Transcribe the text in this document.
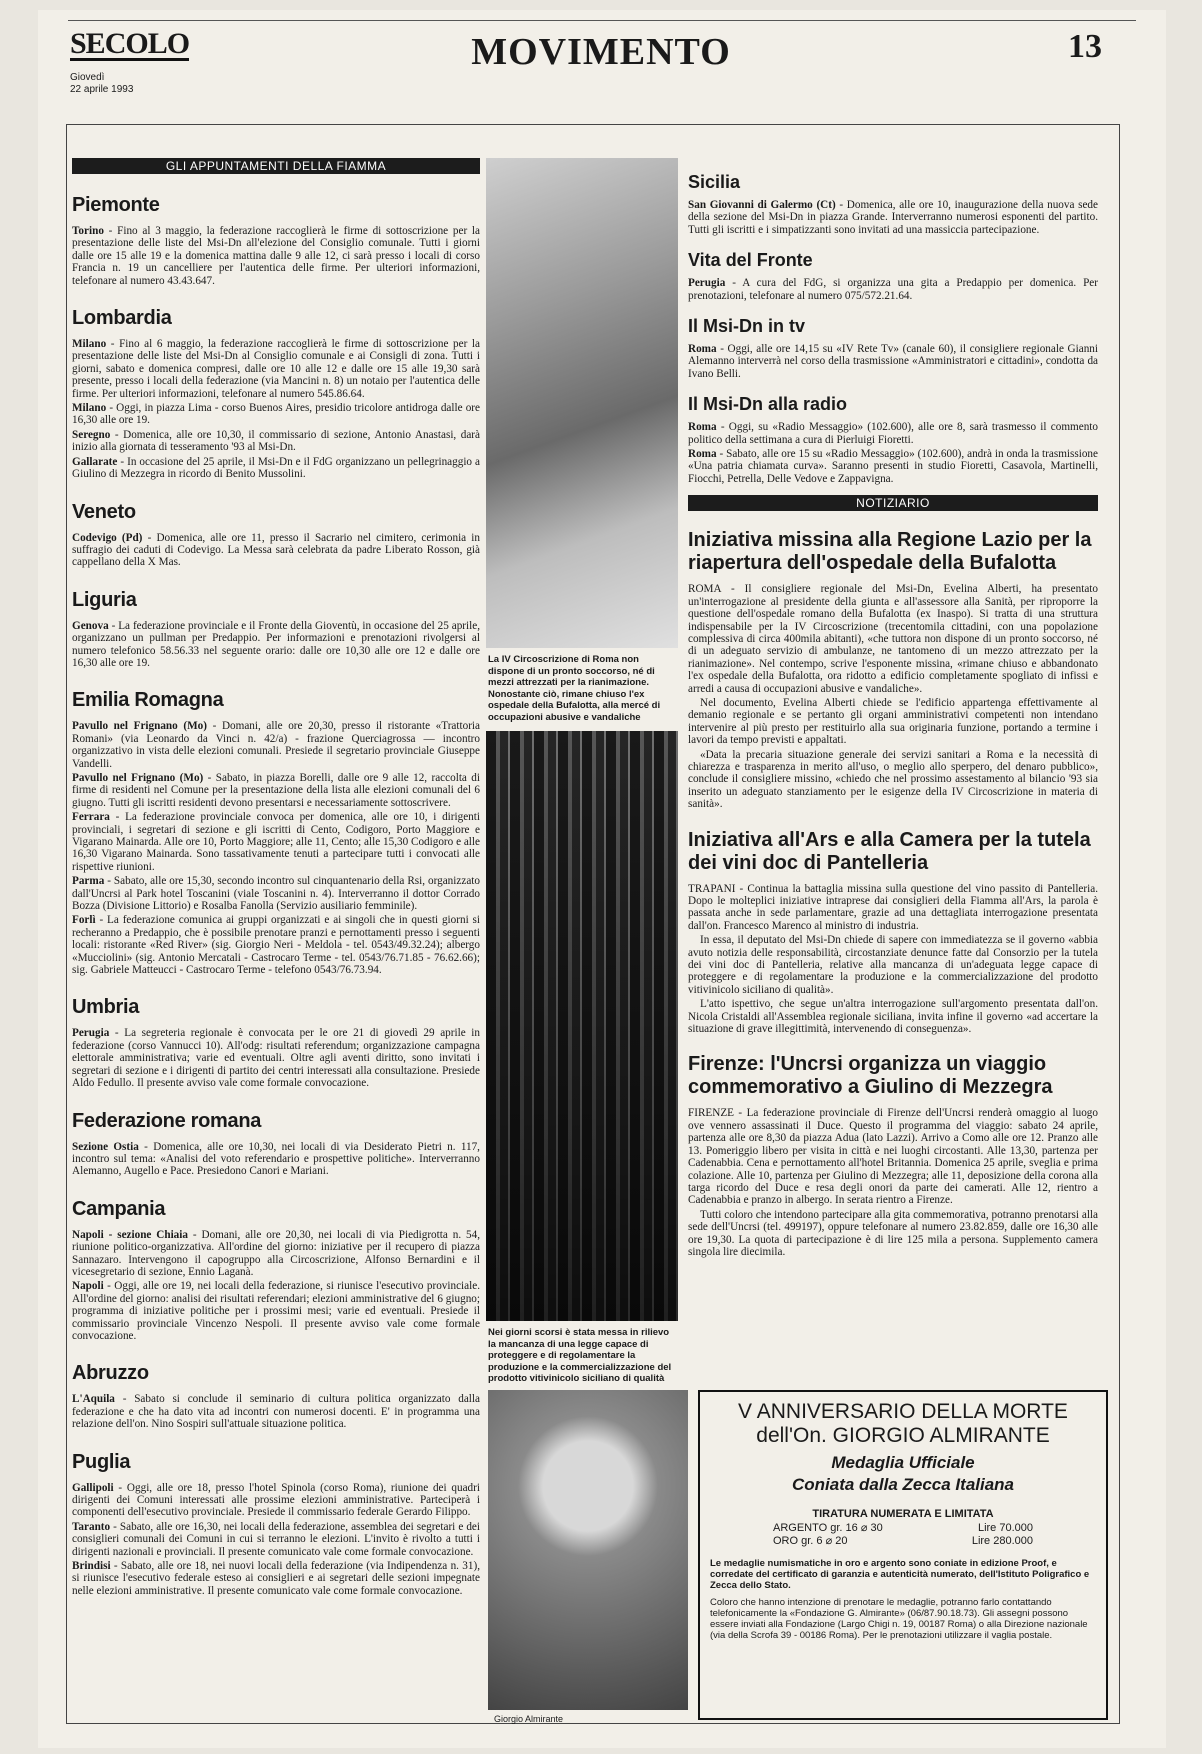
SECOLO
Giovedì
22 aprile 1993
MOVIMENTO	13
GLI APPUNTAMENTI DELLA FIAMMA
Piemonte
Torino - Fino al 3 maggio, la federazione raccoglierà le firme di sottoscrizione per la presentazione delle liste del Msi-Dn all'elezione del Consiglio comunale. Tutti i giorni dalle ore 15 alle 19 e la domenica mattina dalle 9 alle 12, ci sarà presso i locali di corso Francia n. 19 un cancelliere per l'autentica delle firme. Per ulteriori informazioni, telefonare al numero 43.43.647.
Lombardia
Milano - Fino al 6 maggio, la federazione raccoglierà le firme di sottoscrizione per la presentazione delle liste del Msi-Dn al Consiglio comunale e ai Consigli di zona. Tutti i giorni, sabato e domenica compresi, dalle ore 10 alle 12 e dalle ore 15 alle 19,30 sarà presente, presso i locali della federazione (via Mancini n. 8) un notaio per l'autentica delle firme. Per ulteriori informazioni, telefonare al numero 545.86.64.
Milano - Oggi, in piazza Lima - corso Buenos Aires, presidio tricolore antidroga dalle ore 16,30 alle ore 19.
Seregno - Domenica, alle ore 10,30, il commissario di sezione, Antonio Anastasi, darà inizio alla giornata di tesseramento '93 al Msi-Dn.
Gallarate - In occasione del 25 aprile, il Msi-Dn e il FdG organizzano un pellegrinaggio a Giulino di Mezzegra in ricordo di Benito Mussolini.
Veneto
Codevigo (Pd) - Domenica, alle ore 11, presso il Sacrario nel cimitero, cerimonia in suffragio dei caduti di Codevigo. La Messa sarà celebrata da padre Liberato Rosson, già cappellano della X Mas.
Liguria
Genova - La federazione provinciale e il Fronte della Gioventù, in occasione del 25 aprile, organizzano un pullman per Predappio. Per informazioni e prenotazioni rivolgersi al numero telefonico 58.56.33 nel seguente orario: dalle ore 10,30 alle ore 12 e dalle ore 16,30 alle ore 19.
Emilia Romagna
Pavullo nel Frignano (Mo) - Domani, alle ore 20,30, presso il ristorante «Trattoria Romani» (via Leonardo da Vinci n. 42/a) - frazione Querciagrossa — incontro organizzativo in vista delle elezioni comunali. Presiede il segretario provinciale Giuseppe Vandelli.
Pavullo nel Frignano (Mo) - Sabato, in piazza Borelli, dalle ore 9 alle 12, raccolta di firme di residenti nel Comune per la presentazione della lista alle elezioni comunali del 6 giugno. Tutti gli iscritti residenti devono presentarsi e necessariamente sottoscrivere.
Ferrara - La federazione provinciale convoca per domenica, alle ore 10, i dirigenti provinciali, i segretari di sezione e gli iscritti di Cento, Codigoro, Porto Maggiore e Vigarano Mainarda. Alle ore 10, Porto Maggiore; alle 11, Cento; alle 15,30 Codigoro e alle 16,30 Vigarano Mainarda. Sono tassativamente tenuti a partecipare tutti i convocati alle rispettive riunioni.
Parma - Sabato, alle ore 15,30, secondo incontro sul cinquantenario della Rsi, organizzato dall'Uncrsi al Park hotel Toscanini (viale Toscanini n. 4). Interverranno il dottor Corrado Bozza (Divisione Littorio) e Rosalba Fanolla (Servizio ausiliario femminile).
Forlì - La federazione comunica ai gruppi organizzati e ai singoli che in questi giorni si recheranno a Predappio, che è possibile prenotare pranzi e pernottamenti presso i seguenti locali: ristorante «Red River» (sig. Giorgio Neri - Meldola - tel. 0543/49.32.24); albergo «Mucciolini» (sig. Antonio Mercatali - Castrocaro Terme - tel. 0543/76.71.85 - 76.62.66); sig. Gabriele Matteucci - Castrocaro Terme - telefono 0543/76.73.94.
Umbria
Perugia - La segreteria regionale è convocata per le ore 21 di giovedì 29 aprile in federazione (corso Vannucci 10). All'odg: risultati referendum; organizzazione campagna elettorale amministrativa; varie ed eventuali. Oltre agli aventi diritto, sono invitati i segretari di sezione e i dirigenti di partito dei centri interessati alla consultazione. Presiede Aldo Fedullo. Il presente avviso vale come formale convocazione.
Federazione romana
Sezione Ostia - Domenica, alle ore 10,30, nei locali di via Desiderato Pietri n. 117, incontro sul tema: «Analisi del voto referendario e prospettive politiche». Interverranno Alemanno, Augello e Pace. Presiedono Canori e Mariani.
Campania
Napoli - sezione Chiaia - Domani, alle ore 20,30, nei locali di via Piedigrotta n. 54, riunione politico-organizzativa. All'ordine del giorno: iniziative per il recupero di piazza Sannazaro. Intervengono il capogruppo alla Circoscrizione, Alfonso Bernardini e il vicesegretario di sezione, Ennio Laganà.
Napoli - Oggi, alle ore 19, nei locali della federazione, si riunisce l'esecutivo provinciale. All'ordine del giorno: analisi dei risultati referendari; elezioni amministrative del 6 giugno; programma di iniziative politiche per i prossimi mesi; varie ed eventuali. Presiede il commissario provinciale Vincenzo Nespoli. Il presente avviso vale come formale convocazione.
Abruzzo
L'Aquila - Sabato si conclude il seminario di cultura politica organizzato dalla federazione e che ha dato vita ad incontri con numerosi docenti. E' in programma una relazione dell'on. Nino Sospiri sull'attuale situazione politica.
Puglia
Gallipoli - Oggi, alle ore 18, presso l'hotel Spinola (corso Roma), riunione dei quadri dirigenti dei Comuni interessati alle prossime elezioni amministrative. Parteciperà i componenti dell'esecutivo provinciale. Presiede il commissario federale Gerardo Filippo.
Taranto - Sabato, alle ore 16,30, nei locali della federazione, assemblea dei segretari e dei consiglieri comunali dei Comuni in cui si terranno le elezioni. L'invito è rivolto a tutti i dirigenti nazionali e provinciali. Il presente comunicato vale come formale convocazione.
Brindisi - Sabato, alle ore 18, nei nuovi locali della federazione (via Indipendenza n. 31), si riunisce l'esecutivo federale esteso ai consiglieri e ai segretari delle sezioni impegnate nelle elezioni amministrative. Il presente comunicato vale come formale convocazione.
La IV Circoscrizione di Roma non dispone di un pronto soccorso, né di mezzi attrezzati per la rianimazione. Nonostante ciò, rimane chiuso l'ex ospedale della Bufalotta, alla mercé di occupazioni abusive e vandaliche
Nei giorni scorsi è stata messa in rilievo la mancanza di una legge capace di proteggere e di regolamentare la produzione e la commercializzazione del prodotto vitivinicolo siciliano di qualità
Sicilia
San Giovanni di Galermo (Ct) - Domenica, alle ore 10, inaugurazione della nuova sede della sezione del Msi-Dn in piazza Grande. Interverranno numerosi esponenti del partito. Tutti gli iscritti e i simpatizzanti sono invitati ad una massiccia partecipazione.
Vita del Fronte
Perugia - A cura del FdG, si organizza una gita a Predappio per domenica. Per prenotazioni, telefonare al numero 075/572.21.64.
Il Msi-Dn in tv
Roma - Oggi, alle ore 14,15 su «IV Rete Tv» (canale 60), il consigliere regionale Gianni Alemanno interverrà nel corso della trasmissione «Amministratori e cittadini», condotta da Ivano Belli.
Il Msi-Dn alla radio
Roma - Oggi, su «Radio Messaggio» (102.600), alle ore 8, sarà trasmesso il commento politico della settimana a cura di Pierluigi Fioretti.
Roma - Sabato, alle ore 15 su «Radio Messaggio» (102.600), andrà in onda la trasmissione «Una patria chiamata curva». Saranno presenti in studio Fioretti, Casavola, Martinelli, Fiocchi, Petrella, Delle Vedove e Zappavigna.
NOTIZIARIO
Iniziativa missina alla Regione Lazio per la riapertura dell'ospedale della Bufalotta
ROMA - Il consigliere regionale del Msi-Dn, Evelina Alberti, ha presentato un'interrogazione al presidente della giunta e all'assessore alla Sanità, per riproporre la questione dell'ospedale romano della Bufalotta (ex Inaspo). Si tratta di una struttura indispensabile per la IV Circoscrizione (trecentomila cittadini, con una popolazione complessiva di circa 400mila abitanti), «che tuttora non dispone di un pronto soccorso, né di un adeguato servizio di ambulanze, ne tantomeno di un mezzo attrezzato per la rianimazione». Nel contempo, scrive l'esponente missina, «rimane chiuso e abbandonato l'ex ospedale della Bufalotta, ora ridotto a edificio completamente spogliato di infissi e arredi a causa di occupazioni abusive e vandaliche».
Nel documento, Evelina Alberti chiede se l'edificio appartenga effettivamente al demanio regionale e se pertanto gli organi amministrativi competenti non intendano intervenire al più presto per restituirlo alla sua originaria funzione, portando a termine i lavori da tempo previsti e appaltati.
«Data la precaria situazione generale dei servizi sanitari a Roma e la necessità di chiarezza e trasparenza in merito all'uso, o meglio allo sperpero, del denaro pubblico», conclude il consigliere missino, «chiedo che nel prossimo assestamento al bilancio '93 sia inserito un adeguato stanziamento per le esigenze della IV Circoscrizione in materia di sanità».
Iniziativa all'Ars e alla Camera per la tutela dei vini doc di Pantelleria
TRAPANI - Continua la battaglia missina sulla questione del vino passito di Pantelleria. Dopo le molteplici iniziative intraprese dai consiglieri della Fiamma all'Ars, la parola è passata anche in sede parlamentare, grazie ad una dettagliata interrogazione presentata dall'on. Francesco Marenco al ministro di industria.
In essa, il deputato del Msi-Dn chiede di sapere con immediatezza se il governo «abbia avuto notizia delle responsabilità, circostanziate denunce fatte dal Consorzio per la tutela dei vini doc di Pantelleria, relative alla mancanza di un'adeguata legge capace di proteggere e di regolamentare la produzione e la commercializzazione del prodotto vitivinicolo siciliano di qualità».
L'atto ispettivo, che segue un'altra interrogazione sull'argomento presentata dall'on. Nicola Cristaldi all'Assemblea regionale siciliana, invita infine il governo «ad accertare la situazione di grave illegittimità, intervenendo di conseguenza».
Firenze: l'Uncrsi organizza un viaggio commemorativo a Giulino di Mezzegra
FIRENZE - La federazione provinciale di Firenze dell'Uncrsi renderà omaggio al luogo ove vennero assassinati il Duce. Questo il programma del viaggio: sabato 24 aprile, partenza alle ore 8,30 da piazza Adua (lato Lazzi). Arrivo a Como alle ore 12. Pranzo alle 13. Pomeriggio libero per visita in città e nei luoghi circostanti. Alle 13,30, partenza per Cadenabbia. Cena e pernottamento all'hotel Britannia. Domenica 25 aprile, sveglia e prima colazione. Alle 10, partenza per Giulino di Mezzegra; alle 11, deposizione della corona alla targa ricordo del Duce e resa degli onori da parte dei camerati. Alle 12, rientro a Cadenabbia e pranzo in albergo. In serata rientro a Firenze.
Tutti coloro che intendono partecipare alla gita commemorativa, potranno prenotarsi alla sede dell'Uncrsi (tel. 499197), oppure telefonare al numero 23.82.859, dalle ore 16,30 alle ore 19,30. La quota di partecipazione è di lire 125 mila a persona. Supplemento camera singola lire diecimila.
Giorgio Almirante
V ANNIVERSARIO DELLA MORTE
dell'On. GIORGIO ALMIRANTE
Medaglia Ufficiale
Coniata dalla Zecca Italiana
TIRATURA NUMERATA E LIMITATA
ARGENTO gr. 16 ⌀ 30	Lire 70.000
ORO gr. 6 ⌀ 20	Lire 280.000
Le medaglie numismatiche in oro e argento sono coniate in edizione Proof, e corredate del certificato di garanzia e autenticità numerato, dell'Istituto Poligrafico e Zecca dello Stato.
Coloro che hanno intenzione di prenotare le medaglie, potranno farlo contattando telefonicamente la «Fondazione G. Almirante» (06/87.90.18.73). Gli assegni possono essere inviati alla Fondazione (Largo Chigi n. 19, 00187 Roma) o alla Direzione nazionale (via della Scrofa 39 - 00186 Roma). Per le prenotazioni utilizzare il vaglia postale.
